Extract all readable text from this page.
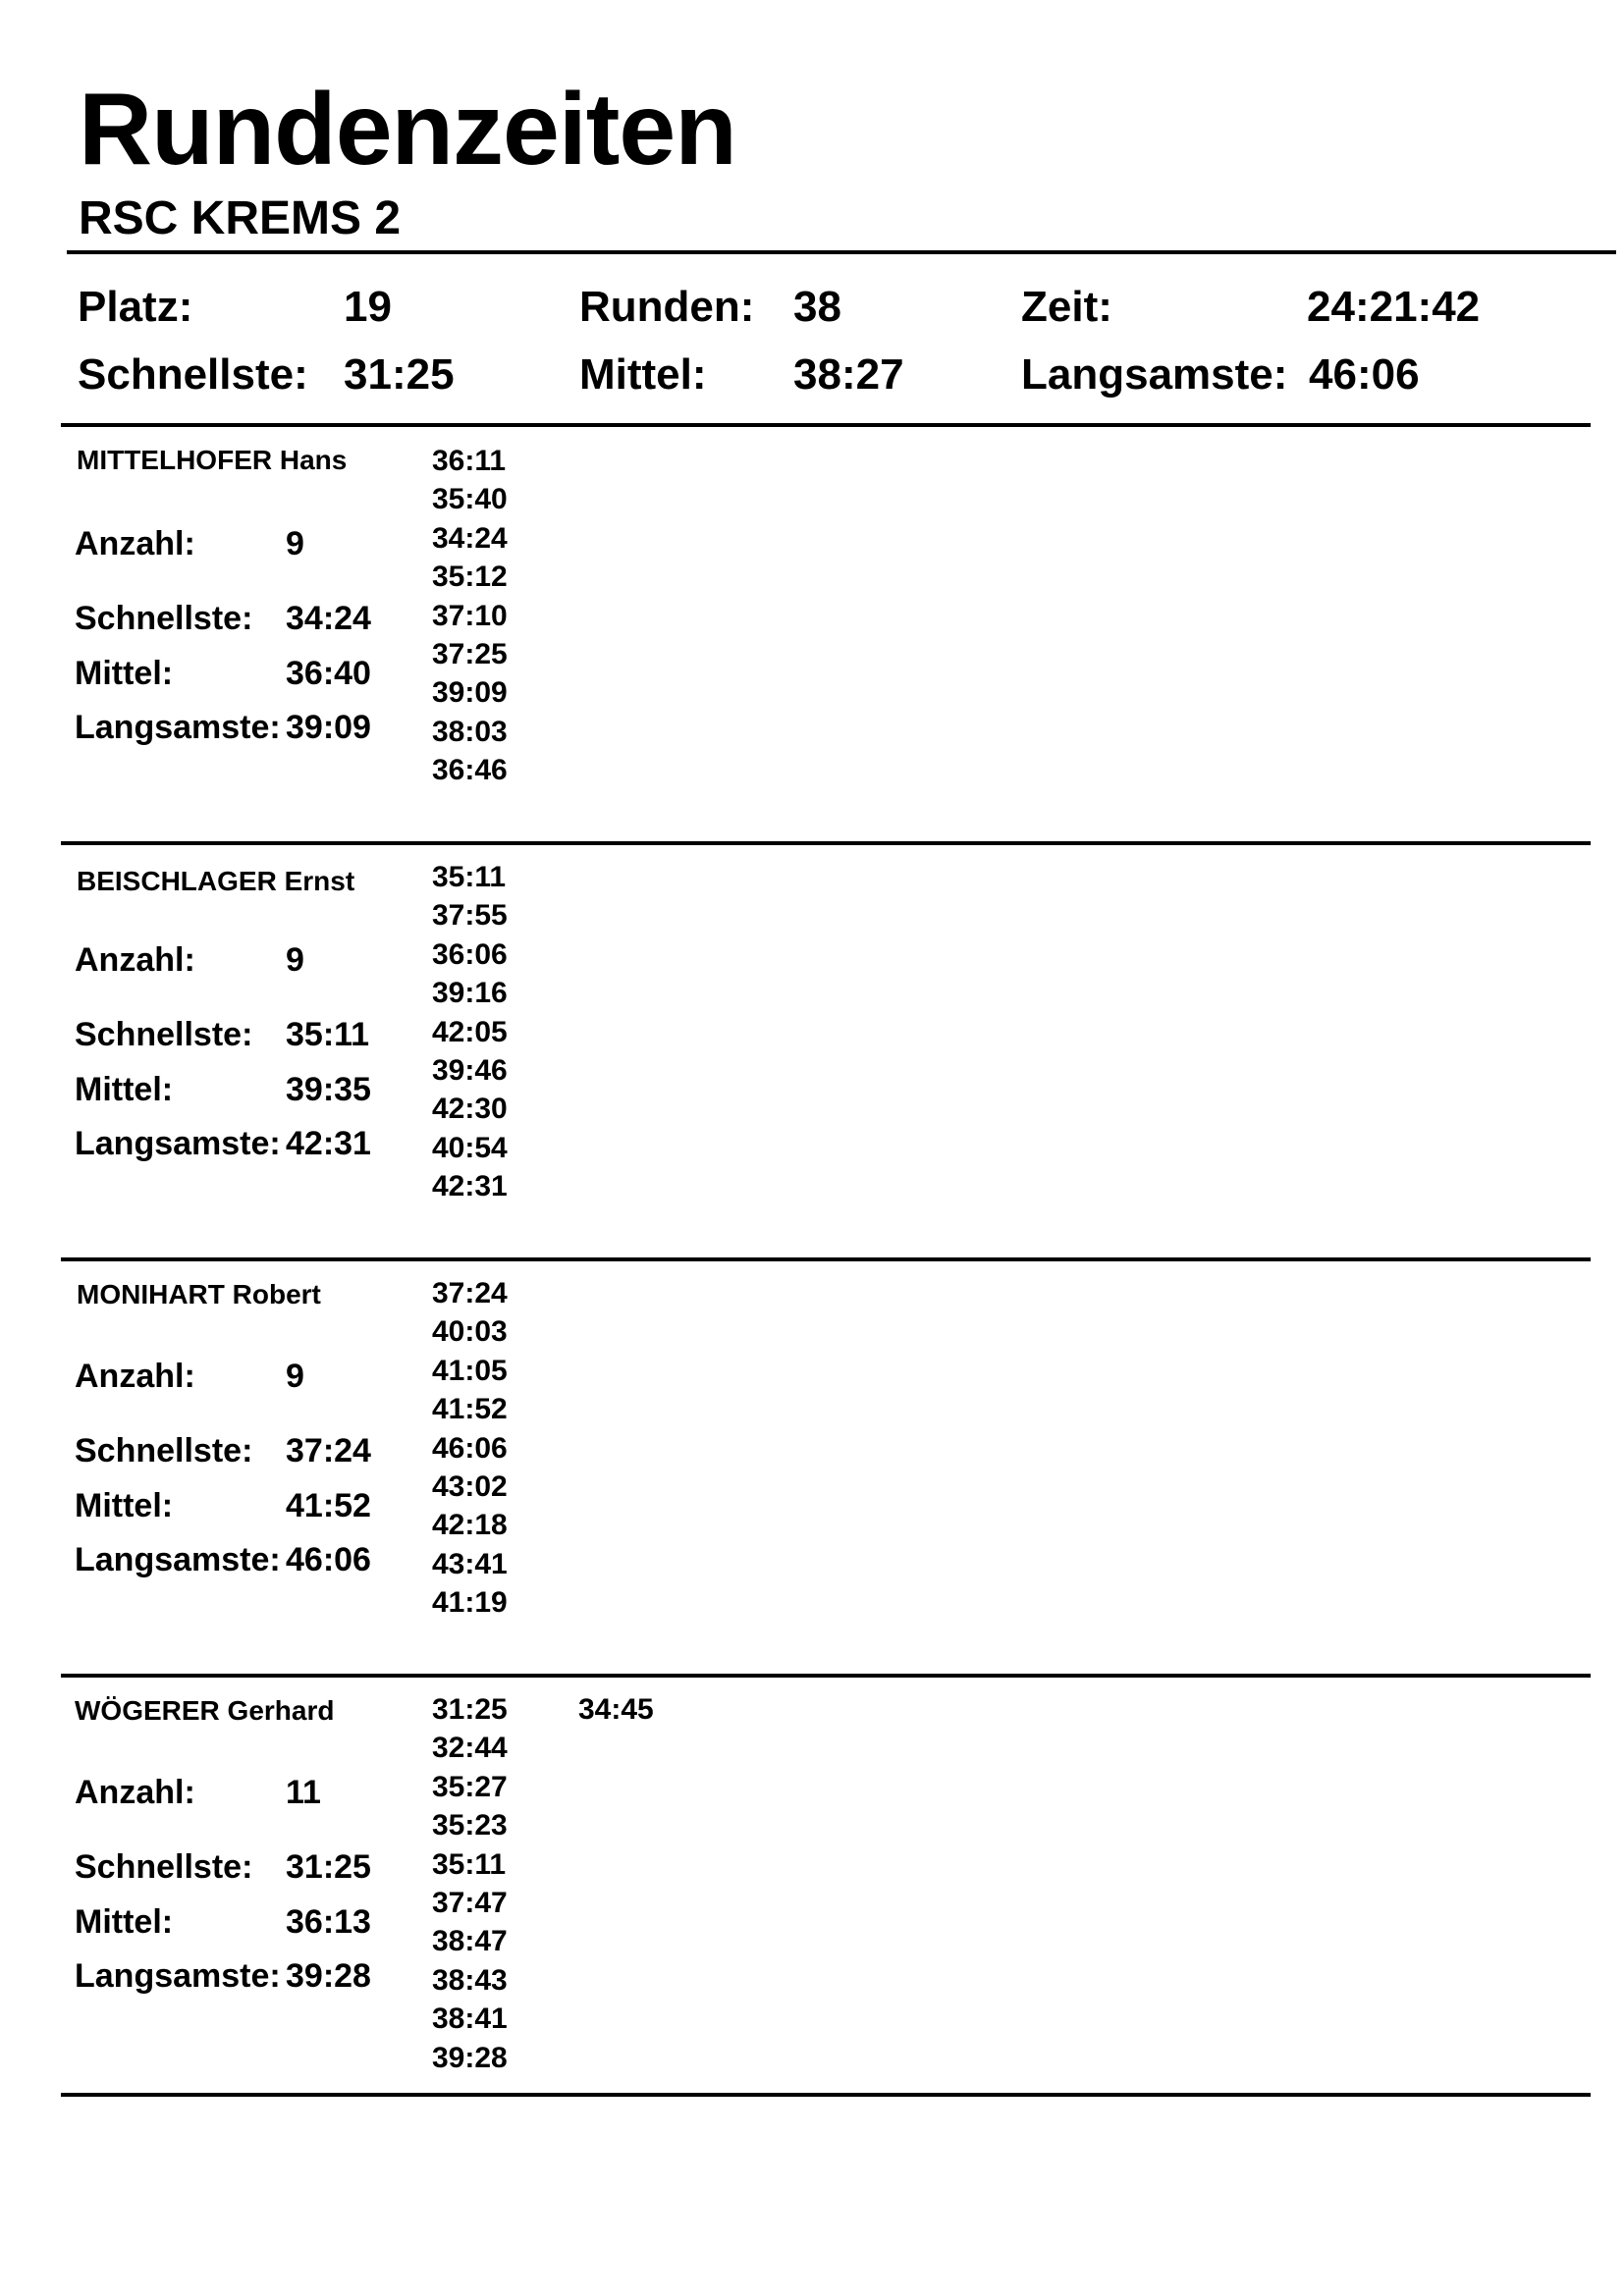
Rundenzeiten
RSC KREMS 2
Platz:	19	Runden: 38	Zeit:	24:21:42
Schnellste: 31:25	Mittel: 38:27	Langsamste: 46:06
MITTELHOFER Hans
Anzahl:	9
Schnellste: 34:24
Mittel:	36:40
Langsamste: 39:09
36:11
35:40
34:24
35:12
37:10
37:25
39:09
38:03
36:46
BEISCHLAGER Ernst
Anzahl:	9
Schnellste: 35:11
Mittel:	39:35
Langsamste: 42:31
35:11
37:55
36:06
39:16
42:05
39:46
42:30
40:54
42:31
MONIHART Robert
Anzahl:	9
Schnellste: 37:24
Mittel:	41:52
Langsamste: 46:06
37:24
40:03
41:05
41:52
46:06
43:02
42:18
43:41
41:19
WÖGERER Gerhard
Anzahl:	11
Schnellste: 31:25
Mittel:	36:13
Langsamste: 39:28
31:25
32:44
35:27
35:23
35:11
37:47
38:47
38:43
38:41
39:28
34:45
